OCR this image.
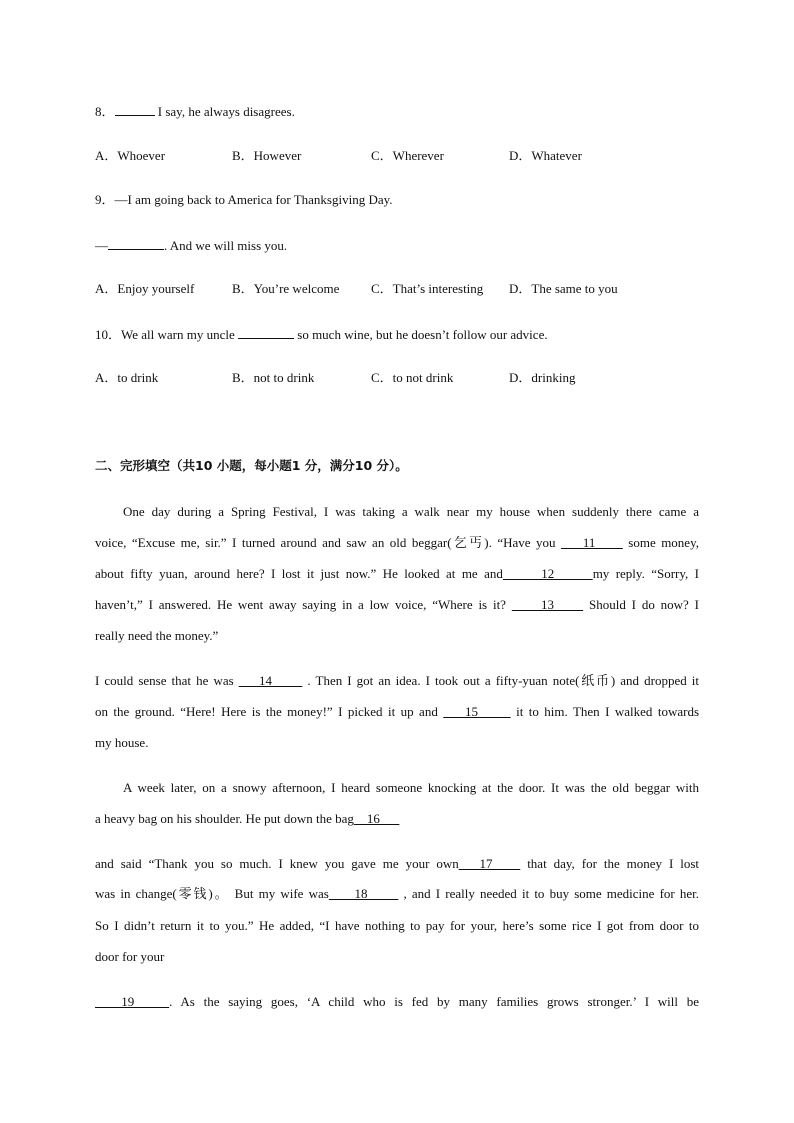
8．	I say, he always disagrees.
A．Whoever	B．However	C．Wherever	D．Whatever
9．—I am going back to America for Thanksgiving Day.
—	. And we will miss you.
A．Enjoy yourself	B．You’re welcome C．That’s interesting D．The same to you
10．We all warn my uncle	so much wine, but he doesn’t follow our advice.
A．to drink	B．not to drink	C．to not drink	D．drinking
二、完形填空（共10 小题，每小题1 分，满分10 分）。
One day during a Spring Festival, I was taking a walk near my house when suddenly there came a
voice, “Excuse me, sir.” I turned around and saw an old beggar(乞丐). “Have you     11      some money,
about fifty yuan, around here? I lost it just now.” He looked at me and      12      my reply. “Sorry, I
haven’t,” I answered. He went away saying in a low voice, “Where is it?      13      Should I do now? I
really need the money.”
I could sense that he was     14       . Then I got an idea. I took out a fifty-yuan note(纸币) and dropped it
on the ground. “Here! Here is the money!” I picked it up and     15       it to him. Then I walked towards
my house.
A week later, on a snowy afternoon, I heard someone knocking at the door. It was the old beggar with
a heavy bag on his shoulder. He put down the bag    16
and said “Thank you so much. I knew you gave me your own   17     that day, for the money I lost
was in change(零钱)。 But my wife was     18       , and I really needed it to buy some medicine for her.
So I didn’t return it to you.” He added, “I have nothing to pay for your, here’s some rice I got from door to
door for your
19    . As the saying goes, ‘A child who is fed by many families grows stronger.’ I will be
